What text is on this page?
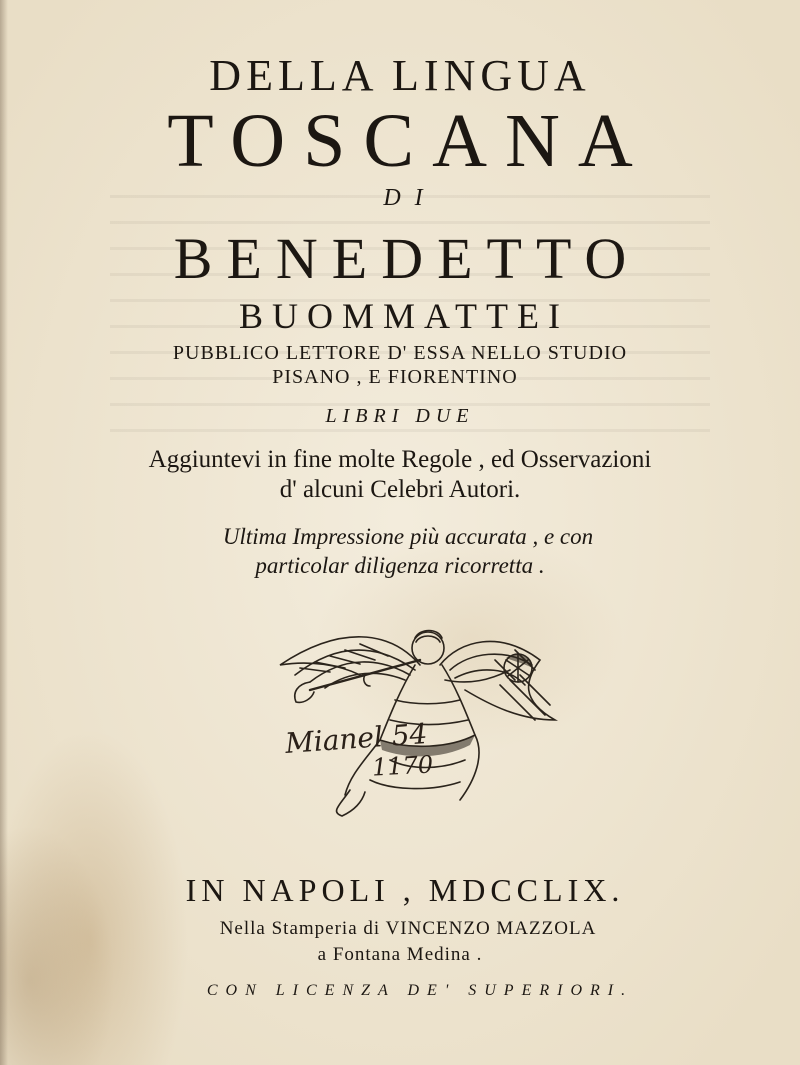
DELLA LINGUA

TOSCANA

DI

BENEDETTO

BUOMMATTEI

PUBBLICO LETTORE D' ESSA NELLO STUDIO

PISANO , E FIORENTINO

LIBRI DUE

Aggiuntevi in fine molte Regole , ed Osservazioni

d' alcuni Celebri Autori.

Ultima Impressione più accurata , e con

particolar diligenza ricorretta .

Mianel 54
1170

IN NAPOLI , MDCCLIX.

Nella Stamperia di VINCENZO MAZZOLA

a Fontana Medina .

CON LICENZA DE' SUPERIORI.
